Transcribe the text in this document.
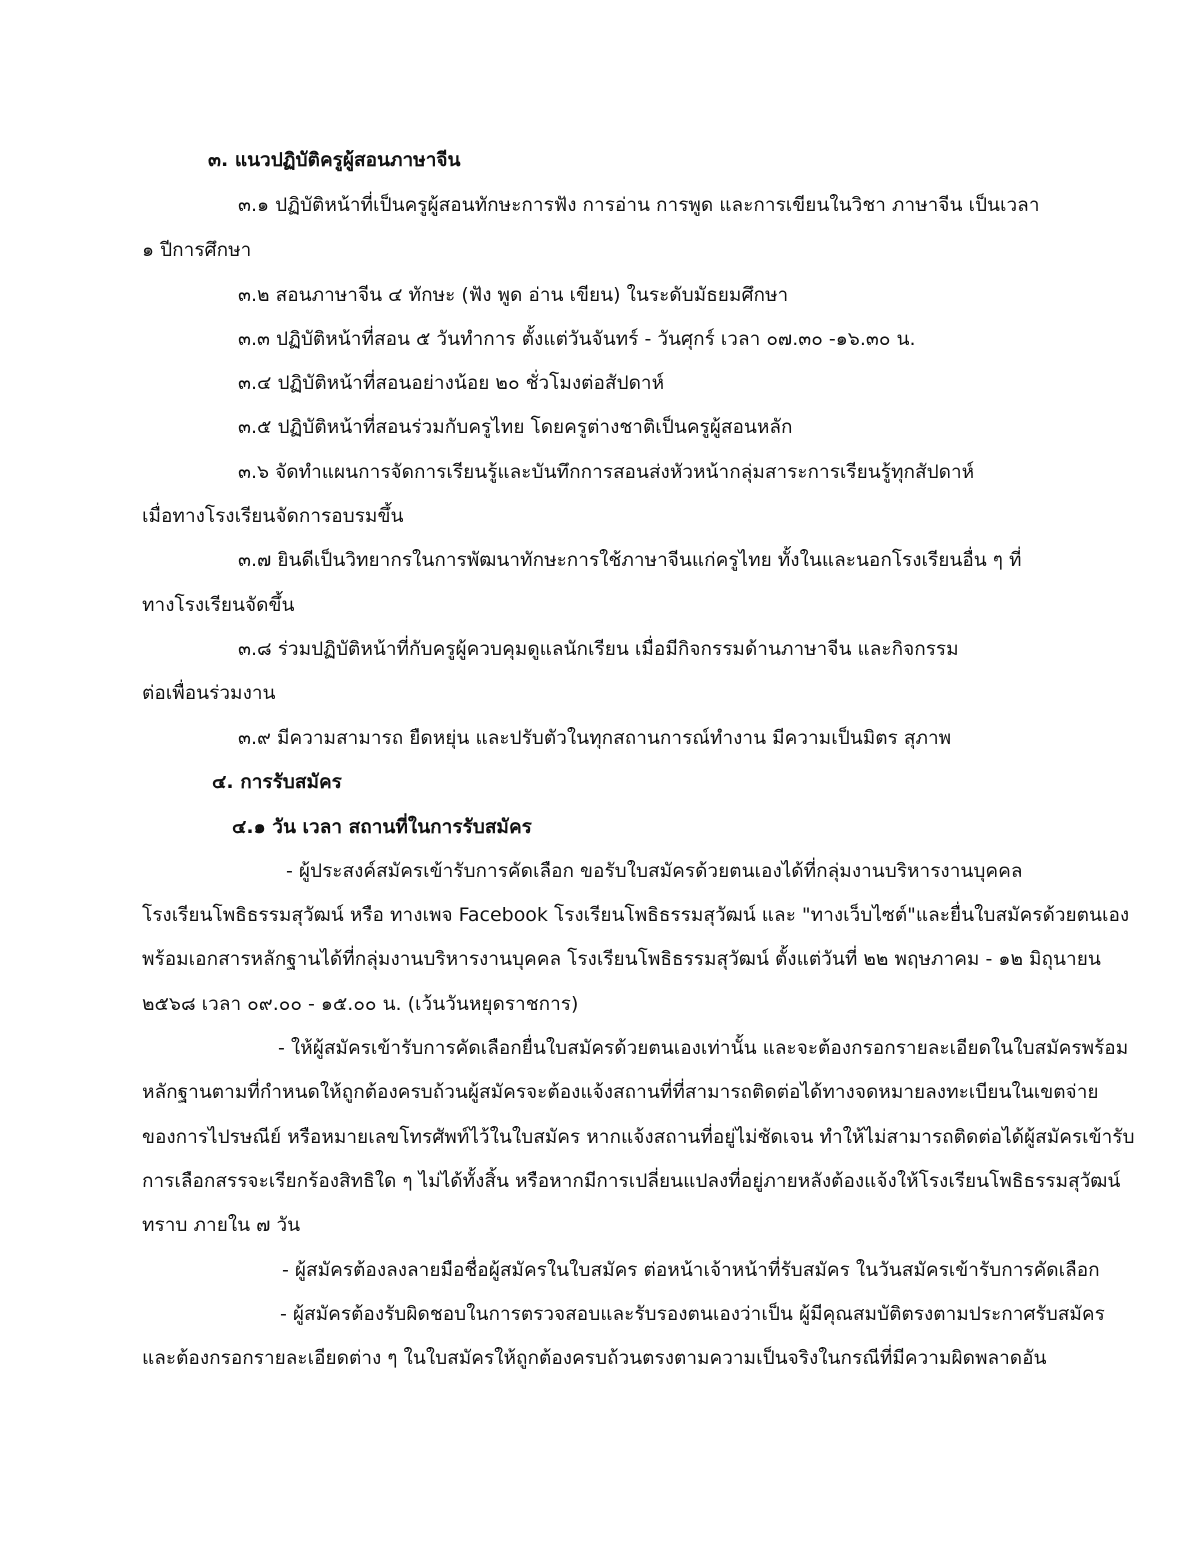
๓. แนวปฏิบัติครูผู้สอนภาษาจีน

๓.๑ ปฏิบัติหน้าที่เป็นครูผู้สอนทักษะการฟัง การอ่าน การพูด และการเขียนในวิชา ภาษาจีน เป็นเวลา

๑ ปีการศึกษา

๓.๒ สอนภาษาจีน ๔ ทักษะ (ฟัง พูด อ่าน เขียน) ในระดับมัธยมศึกษา

๓.๓ ปฏิบัติหน้าที่สอน ๕ วันทำการ ตั้งแต่วันจันทร์ - วันศุกร์ เวลา ๐๗.๓๐ -๑๖.๓๐ น.

๓.๔ ปฏิบัติหน้าที่สอนอย่างน้อย ๒๐ ชั่วโมงต่อสัปดาห์

๓.๕ ปฏิบัติหน้าที่สอนร่วมกับครูไทย โดยครูต่างชาติเป็นครูผู้สอนหลัก

๓.๖ จัดทำแผนการจัดการเรียนรู้และบันทึกการสอนส่งหัวหน้ากลุ่มสาระการเรียนรู้ทุกสัปดาห์

เมื่อทางโรงเรียนจัดการอบรมขึ้น

๓.๗ ยินดีเป็นวิทยากรในการพัฒนาทักษะการใช้ภาษาจีนแก่ครูไทย ทั้งในและนอกโรงเรียนอื่น ๆ ที่

ทางโรงเรียนจัดขึ้น

๓.๘ ร่วมปฏิบัติหน้าที่กับครูผู้ควบคุมดูแลนักเรียน เมื่อมีกิจกรรมด้านภาษาจีน และกิจกรรม

ต่อเพื่อนร่วมงาน

๓.๙ มีความสามารถ ยืดหยุ่น และปรับตัวในทุกสถานการณ์ทำงาน มีความเป็นมิตร สุภาพ

๔. การรับสมัคร

๔.๑ วัน เวลา สถานที่ในการรับสมัคร

- ผู้ประสงค์สมัครเข้ารับการคัดเลือก ขอรับใบสมัครด้วยตนเองได้ที่กลุ่มงานบริหารงานบุคคล

โรงเรียนโพธิธรรมสุวัฒน์ หรือ ทางเพจ Facebook โรงเรียนโพธิธรรมสุวัฒน์ และ "ทางเว็บไซต์"และยื่นใบสมัครด้วยตนเอง

พร้อมเอกสารหลักฐานได้ที่กลุ่มงานบริหารงานบุคคล โรงเรียนโพธิธรรมสุวัฒน์ ตั้งแต่วันที่ ๒๒ พฤษภาคม - ๑๒ มิถุนายน

๒๕๖๘ เวลา ๐๙.๐๐ - ๑๕.๐๐ น. (เว้นวันหยุดราชการ)

- ให้ผู้สมัครเข้ารับการคัดเลือกยื่นใบสมัครด้วยตนเองเท่านั้น และจะต้องกรอกรายละเอียดในใบสมัครพร้อม

หลักฐานตามที่กำหนดให้ถูกต้องครบถ้วนผู้สมัครจะต้องแจ้งสถานที่ที่สามารถติดต่อได้ทางจดหมายลงทะเบียนในเขตจ่าย

ของการไปรษณีย์ หรือหมายเลขโทรศัพท์ไว้ในใบสมัคร หากแจ้งสถานที่อยู่ไม่ชัดเจน ทำให้ไม่สามารถติดต่อได้ผู้สมัครเข้ารับ

การเลือกสรรจะเรียกร้องสิทธิใด ๆ ไม่ได้ทั้งสิ้น หรือหากมีการเปลี่ยนแปลงที่อยู่ภายหลังต้องแจ้งให้โรงเรียนโพธิธรรมสุวัฒน์

ทราบ ภายใน ๗ วัน

- ผู้สมัครต้องลงลายมือชื่อผู้สมัครในใบสมัคร ต่อหน้าเจ้าหน้าที่รับสมัคร ในวันสมัครเข้ารับการคัดเลือก

- ผู้สมัครต้องรับผิดชอบในการตรวจสอบและรับรองตนเองว่าเป็น ผู้มีคุณสมบัติตรงตามประกาศรับสมัคร

และต้องกรอกรายละเอียดต่าง ๆ ในใบสมัครให้ถูกต้องครบถ้วนตรงตามความเป็นจริงในกรณีที่มีความผิดพลาดอัน
